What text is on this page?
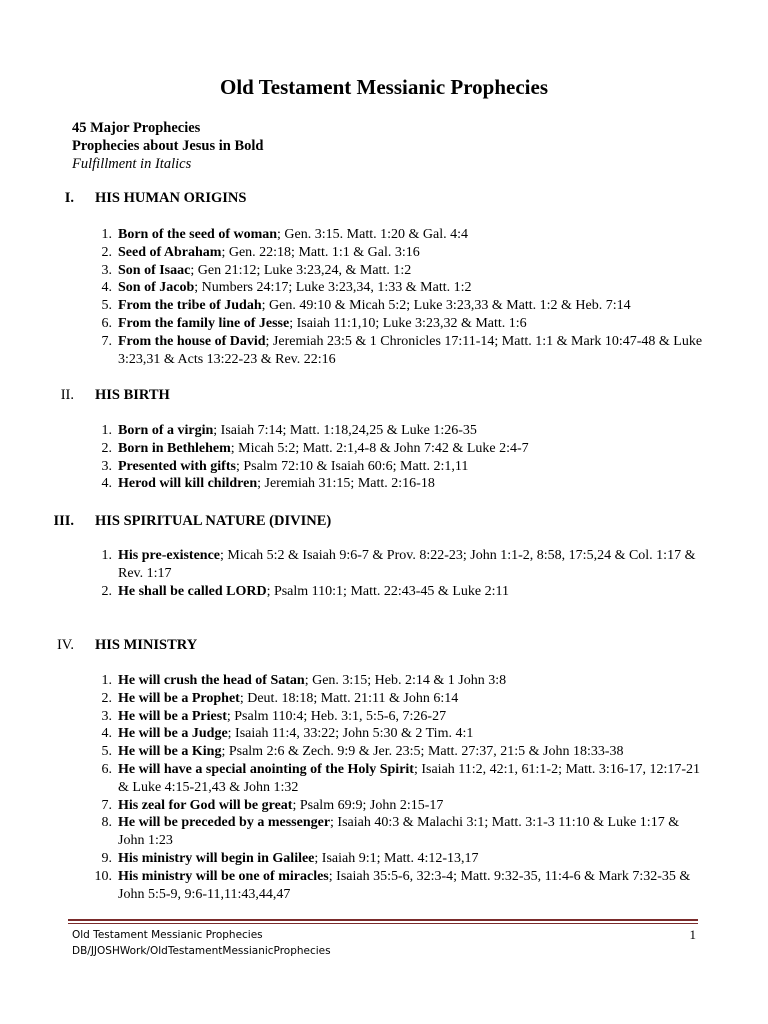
Old Testament Messianic Prophecies
45 Major Prophecies
Prophecies about Jesus in Bold
Fulfillment in Italics
I. HIS HUMAN ORIGINS
1. Born of the seed of woman; Gen. 3:15. Matt. 1:20 & Gal. 4:4
2. Seed of Abraham; Gen. 22:18; Matt. 1:1 & Gal. 3:16
3. Son of Isaac; Gen 21:12; Luke 3:23,24, & Matt. 1:2
4. Son of Jacob; Numbers 24:17; Luke 3:23,34, 1:33 & Matt. 1:2
5. From the tribe of Judah; Gen. 49:10 & Micah 5:2; Luke 3:23,33 & Matt. 1:2 & Heb. 7:14
6. From the family line of Jesse; Isaiah 11:1,10; Luke 3:23,32 & Matt. 1:6
7. From the house of David; Jeremiah 23:5 & 1 Chronicles 17:11-14; Matt. 1:1 & Mark 10:47-48 & Luke 3:23,31 & Acts 13:22-23 & Rev. 22:16
II. HIS BIRTH
1. Born of a virgin; Isaiah 7:14; Matt. 1:18,24,25 & Luke 1:26-35
2. Born in Bethlehem; Micah 5:2; Matt. 2:1,4-8 & John 7:42 & Luke 2:4-7
3. Presented with gifts; Psalm 72:10 & Isaiah 60:6; Matt. 2:1,11
4. Herod will kill children; Jeremiah 31:15; Matt. 2:16-18
III. HIS SPIRITUAL NATURE (DIVINE)
1. His pre-existence; Micah 5:2 & Isaiah 9:6-7 & Prov. 8:22-23; John 1:1-2, 8:58, 17:5,24 & Col. 1:17 & Rev. 1:17
2. He shall be called LORD; Psalm 110:1; Matt. 22:43-45 & Luke 2:11
IV. HIS MINISTRY
1. He will crush the head of Satan; Gen. 3:15; Heb. 2:14 & 1 John 3:8
2. He will be a Prophet; Deut. 18:18; Matt. 21:11 & John 6:14
3. He will be a Priest; Psalm 110:4; Heb. 3:1, 5:5-6, 7:26-27
4. He will be a Judge; Isaiah 11:4, 33:22; John 5:30 & 2 Tim. 4:1
5. He will be a King; Psalm 2:6 & Zech. 9:9 & Jer. 23:5; Matt. 27:37, 21:5 & John 18:33-38
6. He will have a special anointing of the Holy Spirit; Isaiah 11:2, 42:1, 61:1-2; Matt. 3:16-17, 12:17-21 & Luke 4:15-21,43 & John 1:32
7. His zeal for God will be great; Psalm 69:9; John 2:15-17
8. He will be preceded by a messenger; Isaiah 40:3 & Malachi 3:1; Matt. 3:1-3 11:10 & Luke 1:17 & John 1:23
9. His ministry will begin in Galilee; Isaiah 9:1; Matt. 4:12-13,17
10. His ministry will be one of miracles; Isaiah 35:5-6, 32:3-4; Matt. 9:32-35, 11:4-6 & Mark 7:32-35 & John 5:5-9, 9:6-11,11:43,44,47
Old Testament Messianic Prophecies
DB/JJOSHWork/OldTestamentMessianicProphecies
1
